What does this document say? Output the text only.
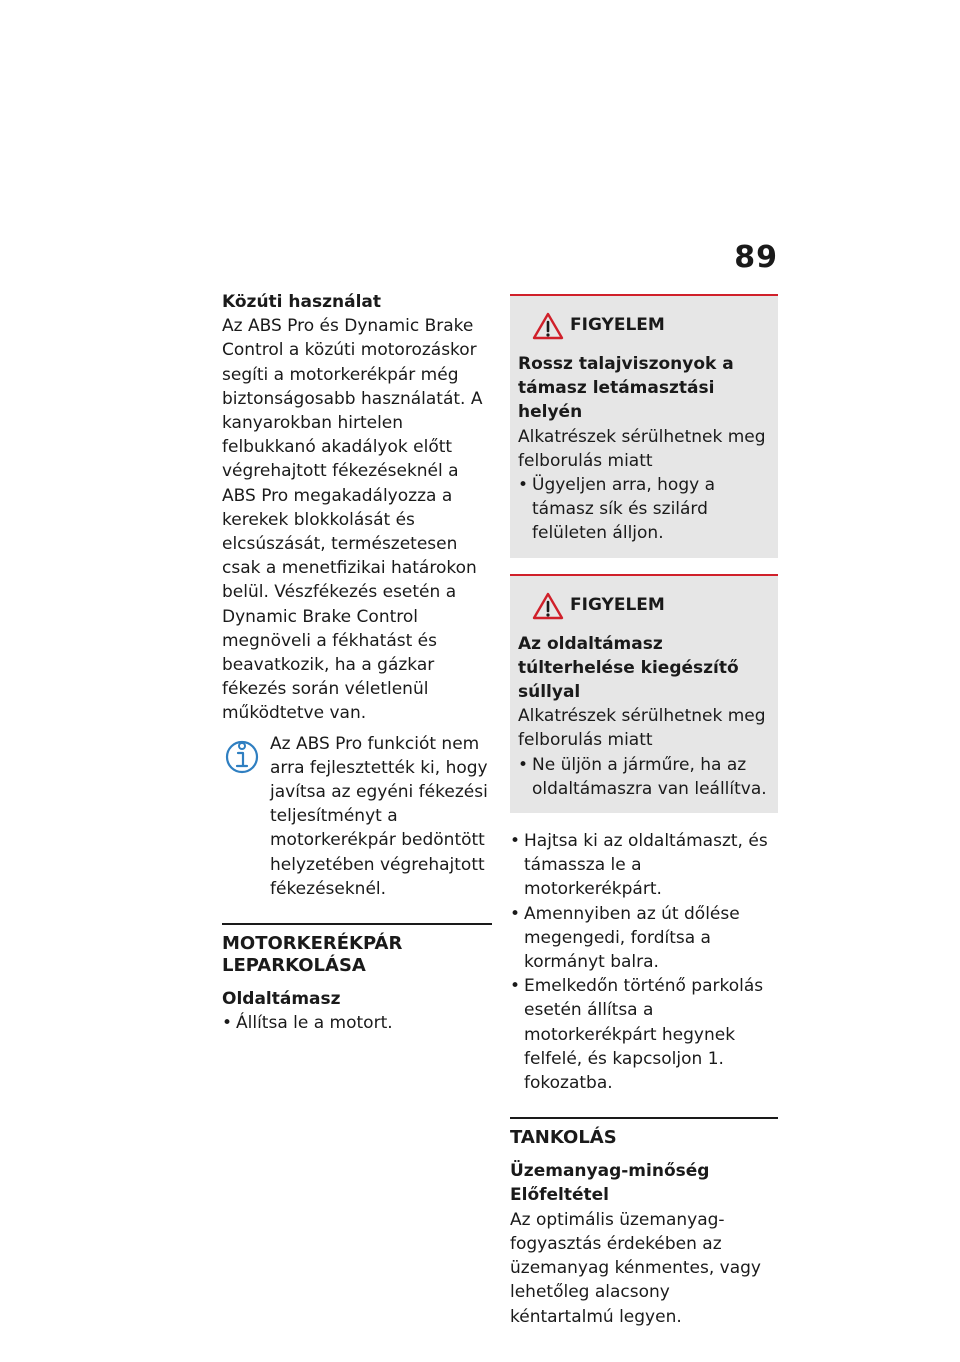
89

Közúti használat

Az ABS Pro és Dynamic Brake Control a közúti motorozáskor segíti a motorkerékpár még biztonságosabb használatát. A kanyarokban hirtelen felbukkanó akadályok előtt végrehajtott fékezéseknél a ABS Pro megakadályozza a kerekek blokkolását és elcsúszását, természetesen csak a menetfizikai határokon belül. Vészfékezés esetén a Dynamic Brake Control megnöveli a fékhatást és beavatkozik, ha a gázkar fékezés során véletlenül működtetve van.

Az ABS Pro funkciót nem arra fejlesztették ki, hogy javítsa az egyéni fékezési teljesítményt a motorkerékpár bedöntött helyzetében végrehajtott fékezéseknél.

MOTORKERÉKPÁR LEPARKOLÁSA

Oldaltámasz

• Állítsa le a motort.

FIGYELEM

Rossz talajviszonyok a támasz letámasztási helyén

Alkatrészek sérülhetnek meg felborulás miatt

• Ügyeljen arra, hogy a támasz sík és szilárd felületen álljon.

FIGYELEM

Az oldaltámasz túlterhelése kiegészítő súllyal

Alkatrészek sérülhetnek meg felborulás miatt

• Ne üljön a járműre, ha az oldaltámaszra van leállítva.

• Hajtsa ki az oldaltámaszt, és támassza le a motorkerékpárt.

• Amennyiben az út dőlése megengedi, fordítsa a kormányt balra.

• Emelkedőn történő parkolás esetén állítsa a motorkerékpárt hegynek felfelé, és kapcsoljon 1. fokozatba.

TANKOLÁS

Üzemanyag-minőség

Előfeltétel

Az optimális üzemanyag-fogyasztás érdekében az üzemanyag kénmentes, vagy lehetőleg alacsony kéntartalmú legyen.
